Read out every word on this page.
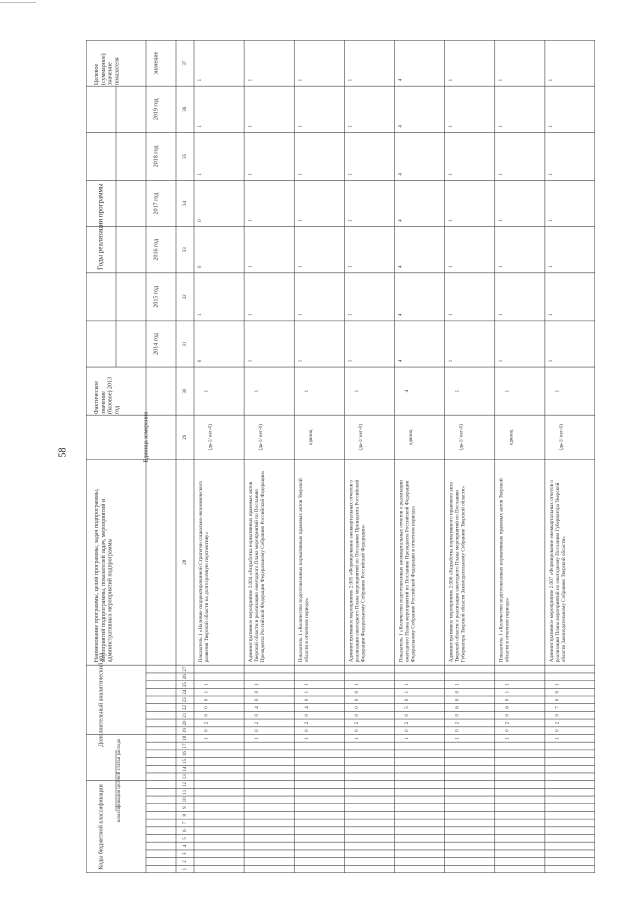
58
Коды бюджетной классификации
Дополнительный аналитический код
классификация целевой статьи расхода
Наименование программы, целей программы, задач подпрограммы,мероприятий подпрограммы, показателей задач, мероприятий иадминистративных мероприятий подпрограммы
Единица измерения
Фактическоезначение(базовое) 2013год
Годы реализации программы
2014 год
2015 год
2016 год
2017 год
2018 год
2019 год
Целевое(суммарное)значениепоказателя	значение
1
2
3
4
5
6
7
8
9
10
11
12
13
14
15
16
17
18
19
20
21
22
23
24
25
26
27
28
29
30
31
32
33
34
35
36
37
1
0
2
0
0
0
1
1
Показатель 1 «Наличие скорректированной Стратегии социально-экономическогоразвития Тверской области на долгосрочную перспективу»
(да-1/ нет-0)
1
0
1
0
0
1
1
1
1
0
2
0
4
0
0
1
Административное мероприятие 2.004 «Разработка нормативных правовых актовТверской области в реализацию ежегодного Плана мероприятий по ПосланиюПрезидента Российской Федерации Федеральному Собранию Российской Федерации»
(да-1/ нет-0)
1
1
1
1
1
1
1
1
1
0
2
0
4
0
1
1
Показатель 1 «Количество подготовленных нормативных правовых актов Тверскойобласти в отчетном периоде»
единиц
1
1
1
1
1
1
1
1
1
0
2
0
0
0
0
1
Административное мероприятие 2.005 «Формирование ежеквартальных отчетов ореализации ежегодного Плана мероприятий по Посланию Президента РоссийскойФедерации Федеральному Собранию Российской Федерации»
(да-1/ нет-0)
1
1
1
1
1
1
1
1
1
0
2
0
5
0
1
1
Показатель 1 «Количество подготовленных ежеквартальных отчетов о реализацииежегодного Плана мероприятий по Посланию Президента Российской ФедерацииФедеральному Собранию Российской Федерации в отчетном периоде»
единиц
4
4
4
4
4
4
4
4
1
0
2
0
6
0
0
1
Административное мероприятие 2.006 «Разработка нормативного правового актаТверской области о реализации ежегодного Плана мероприятий по ПосланиюГубернатора Тверской области Законодательному Собранию Тверской области»
(да-1/ нет-0)
1
1
1
1
1
1
1
1
1
0
2
0
6
0
1
1
Показатель 1 «Количество подготовленных нормативных правовых актов Тверскойобласти в отчетном периоде»
единиц
1
1
1
1
1
1
1
1
1
0
2
0
7
0
0
1
Административное мероприятие 2.007 «Формирование ежеквартальных отчетов ореализации Плана мероприятий по ежегодному Посланию Губернатора Тверскойобласти Законодательному Собранию Тверской области»
(да-1/ нет-0)
1
1
1
1
1
1
1
1
